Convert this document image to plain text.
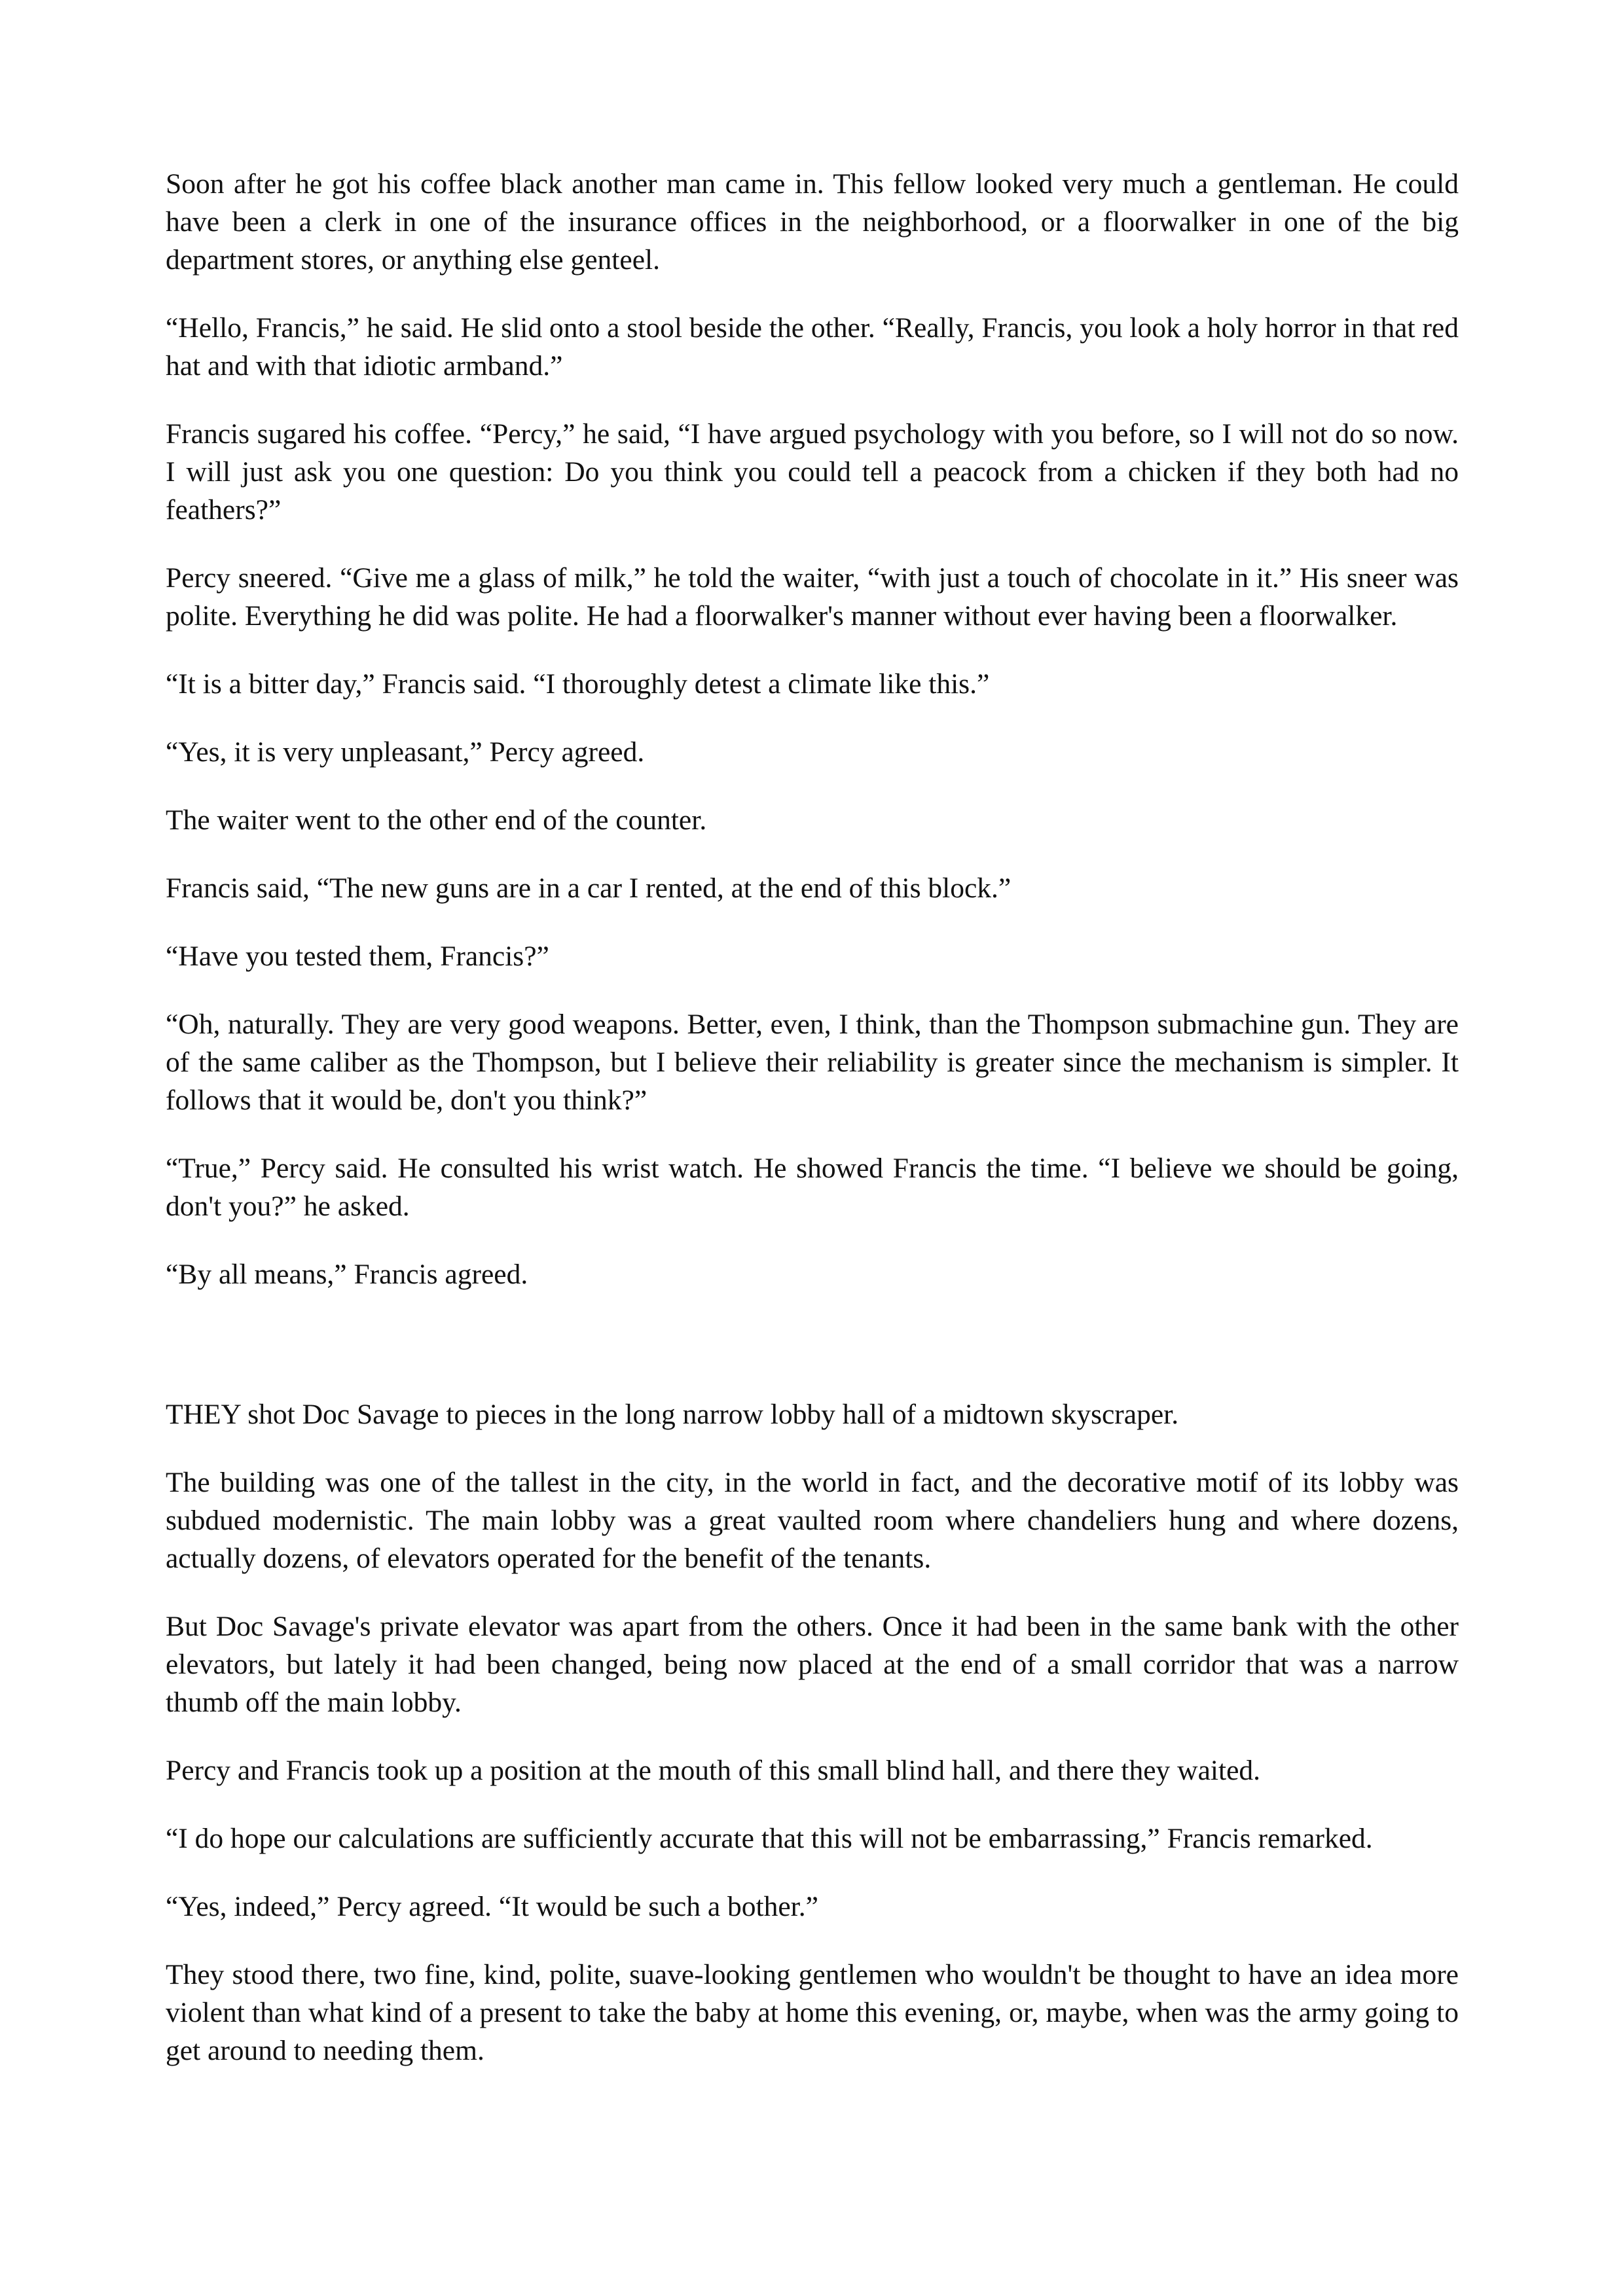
Soon after he got his coffee black another man came in. This fellow looked very much a gentleman. He could have been a clerk in one of the insurance offices in the neighborhood, or a floorwalker in one of the big department stores, or anything else genteel.

“Hello, Francis,” he said. He slid onto a stool beside the other. “Really, Francis, you look a holy horror in that red hat and with that idiotic armband.”

Francis sugared his coffee. “Percy,” he said, “I have argued psychology with you before, so I will not do so now. I will just ask you one question: Do you think you could tell a peacock from a chicken if they both had no feathers?”

Percy sneered. “Give me a glass of milk,” he told the waiter, “with just a touch of chocolate in it.” His sneer was polite. Everything he did was polite. He had a floorwalker's manner without ever having been a floorwalker.

“It is a bitter day,” Francis said. “I thoroughly detest a climate like this.”

“Yes, it is very unpleasant,” Percy agreed.

The waiter went to the other end of the counter.

Francis said, “The new guns are in a car I rented, at the end of this block.”

“Have you tested them, Francis?”

“Oh, naturally. They are very good weapons. Better, even, I think, than the Thompson submachine gun. They are of the same caliber as the Thompson, but I believe their reliability is greater since the mechanism is simpler. It follows that it would be, don't you think?”

“True,” Percy said. He consulted his wrist watch. He showed Francis the time. “I believe we should be going, don't you?” he asked.

“By all means,” Francis agreed.

THEY shot Doc Savage to pieces in the long narrow lobby hall of a midtown skyscraper.

The building was one of the tallest in the city, in the world in fact, and the decorative motif of its lobby was subdued modernistic. The main lobby was a great vaulted room where chandeliers hung and where dozens, actually dozens, of elevators operated for the benefit of the tenants.

But Doc Savage's private elevator was apart from the others. Once it had been in the same bank with the other elevators, but lately it had been changed, being now placed at the end of a small corridor that was a narrow thumb off the main lobby.

Percy and Francis took up a position at the mouth of this small blind hall, and there they waited.

“I do hope our calculations are sufficiently accurate that this will not be embarrassing,” Francis remarked.

“Yes, indeed,” Percy agreed. “It would be such a bother.”

They stood there, two fine, kind, polite, suave-looking gentlemen who wouldn't be thought to have an idea more violent than what kind of a present to take the baby at home this evening, or, maybe, when was the army going to get around to needing them.
